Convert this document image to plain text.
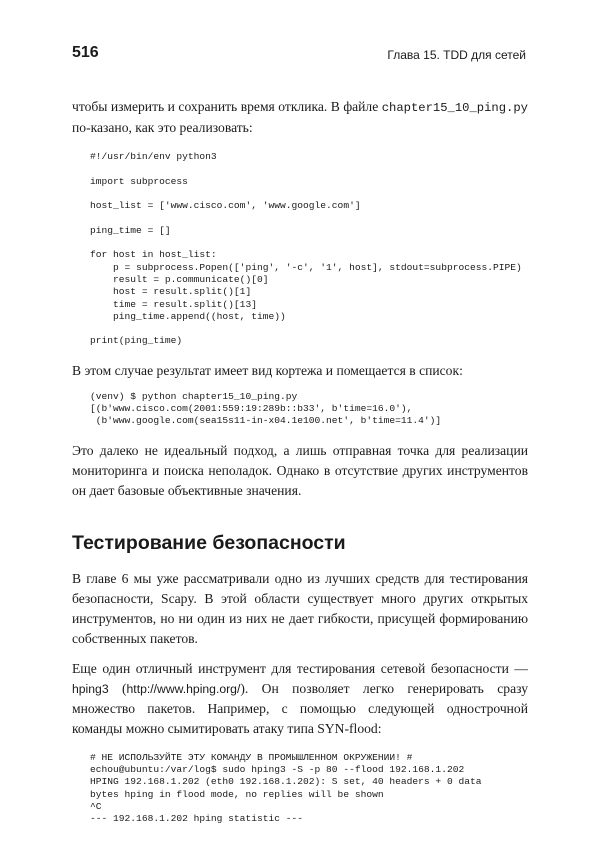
516	Глава 15. TDD для сетей

чтобы измерить и сохранить время отклика. В файле chapter15_10_ping.py по-казано, как это реализовать:

#!/usr/bin/env python3
import subprocess
host_list = ['www.cisco.com', 'www.google.com']
ping_time = []
for host in host_list:
p = subprocess.Popen(['ping', '-c', '1', host], stdout=subprocess.PIPE)
result = p.communicate()[0]
host = result.split()[1]
time = result.split()[13]
ping_time.append((host, time))
print(ping_time)

В этом случае результат имеет вид кортежа и помещается в список:

(venv) $ python chapter15_10_ping.py
[(b'www.cisco.com(2001:559:19:289b::b33', b'time=16.0'),
(b'www.google.com(sea15s11-in-x04.1e100.net', b'time=11.4')]

Это далеко не идеальный подход, а лишь отправная точка для реализации мониторинга и поиска неполадок. Однако в отсутствие других инструментов он дает базовые объективные значения.

Тестирование безопасности

В главе 6 мы уже рассматривали одно из лучших средств для тестирования безопасности, Scapy. В этой области существует много других открытых инструментов, но ни один из них не дает гибкости, присущей формированию собственных пакетов.

Еще один отличный инструмент для тестирования сетевой безопасности — hping3 (http://www.hping.org/). Он позволяет легко генерировать сразу множество пакетов. Например, с помощью следующей однострочной команды можно сымитировать атаку типа SYN-flood:

# НЕ ИСПОЛЬЗУЙТЕ ЭТУ КОМАНДУ В ПРОМЫШЛЕННОМ ОКРУЖЕНИИ! #
echou@ubuntu:/var/log$ sudo hping3 -S -p 80 --flood 192.168.1.202
HPING 192.168.1.202 (eth0 192.168.1.202): S set, 40 headers + 0 data
bytes hping in flood mode, no replies will be shown
^C
--- 192.168.1.202 hping statistic ---
